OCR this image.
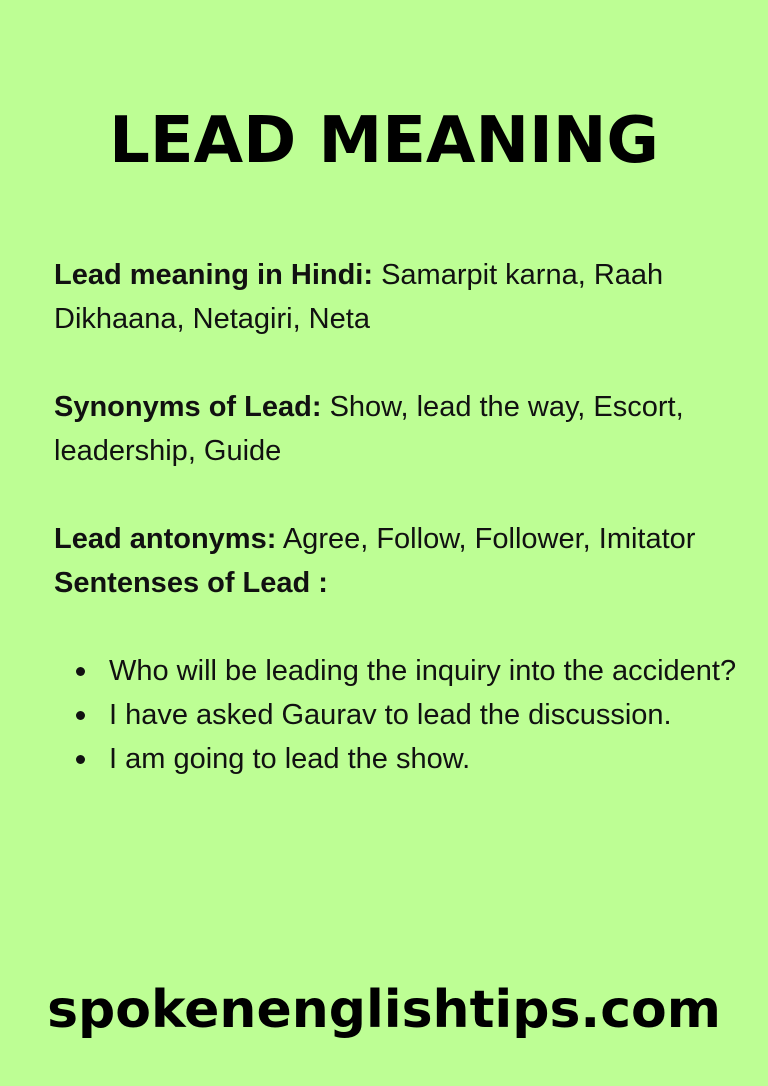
LEAD MEANING

Lead meaning in Hindi: Samarpit karna, Raah Dikhaana, Netagiri, Neta

Synonyms of Lead: Show, lead the way, Escort, leadership, Guide

Lead antonyms: Agree, Follow, Follower, Imitator

Sentenses of Lead :

Who will be leading the inquiry into the accident?
I have asked Gaurav to lead the discussion.
I am going to lead the show.
spokenenglishtips.com
